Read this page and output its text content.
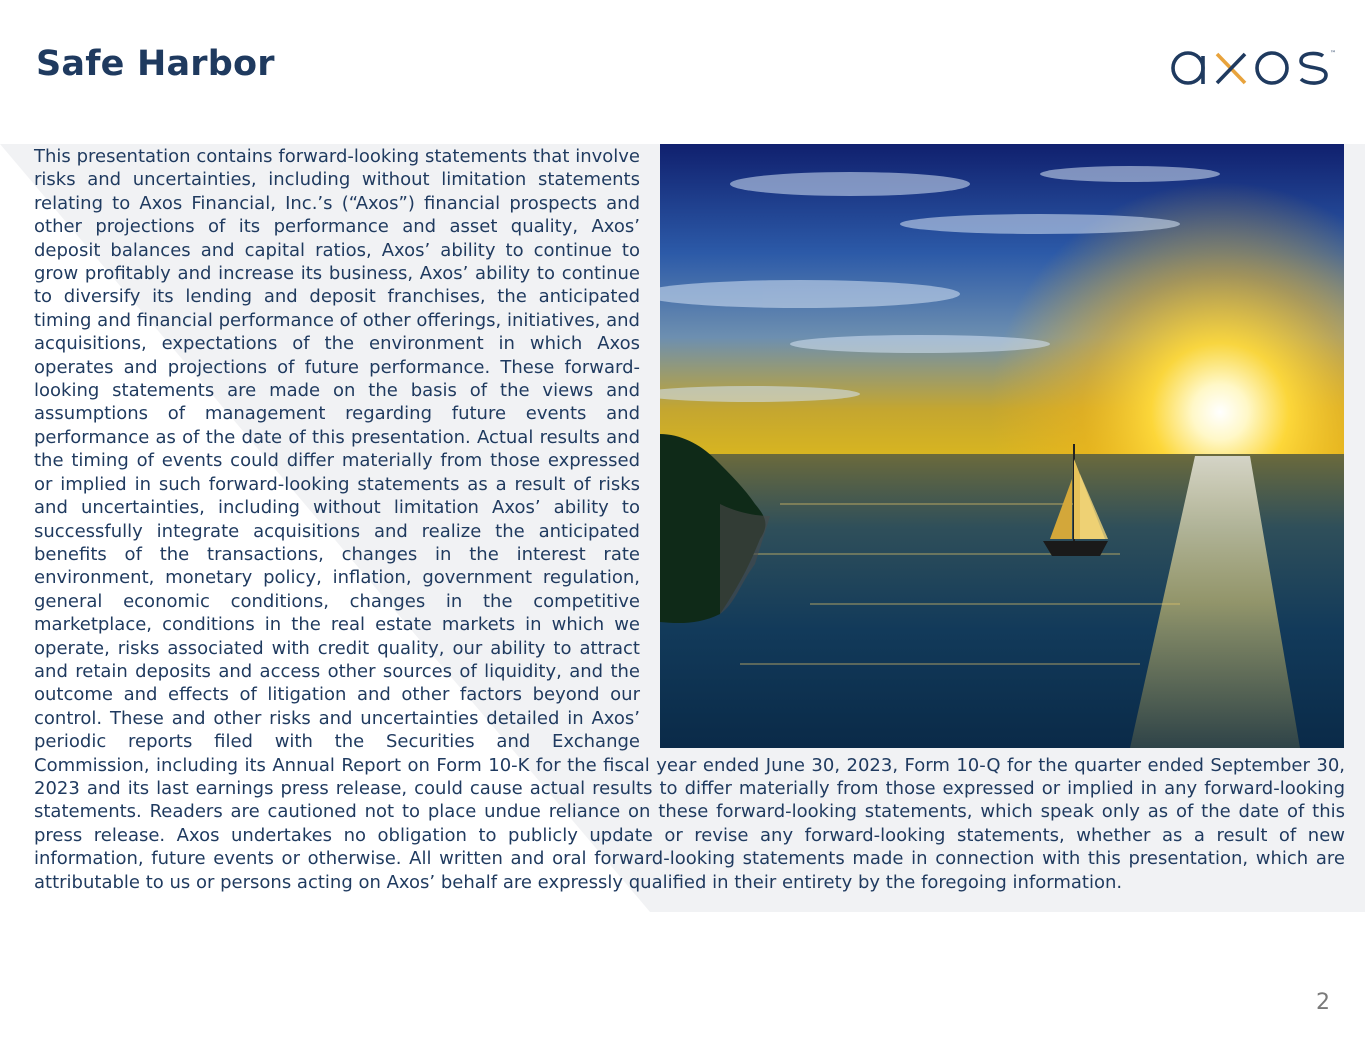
Safe Harbor	™

This presentation contains forward-looking statements that involve risks and uncertainties, including without limitation statements relating to Axos Financial, Inc.’s (“Axos”) financial prospects and other projections of its performance and asset quality, Axos’ deposit balances and capital ratios, Axos’ ability to continue to grow profitably and increase its business, Axos’ ability to continue to diversify its lending and deposit franchises, the anticipated timing and financial performance of other offerings, initiatives, and acquisitions, expectations of the environment in which Axos operates and projections of future performance. These forward-looking statements are made on the basis of the views and assumptions of management regarding future events and performance as of the date of this presentation. Actual results and the timing of events could differ materially from those expressed or implied in such forward-looking statements as a result of risks and uncertainties, including without limitation Axos’ ability to successfully integrate acquisitions and realize the anticipated benefits of the transactions, changes in the interest rate environment, monetary policy, inflation, government regulation, general economic conditions, changes in the competitive marketplace, conditions in the real estate markets in which we operate, risks associated with credit quality, our ability to attract and retain deposits and access other sources of liquidity, and the outcome and effects of litigation and other factors beyond our control. These and other risks and uncertainties detailed in Axos’ periodic reports filed with the Securities and Exchange Commission, including its Annual Report on Form 10-K for the fiscal year ended June 30, 2023, Form 10-Q for the quarter ended September 30, 2023 and its last earnings press release, could cause actual results to differ materially from those expressed or implied in any forward-looking statements. Readers are cautioned not to place undue reliance on these forward-looking statements, which speak only as of the date of this press release. Axos undertakes no obligation to publicly update or revise any forward-looking statements, whether as a result of new information, future events or otherwise. All written and oral forward-looking statements made in connection with this presentation, which are attributable to us or persons acting on Axos’ behalf are expressly qualified in their entirety by the foregoing information.

2
